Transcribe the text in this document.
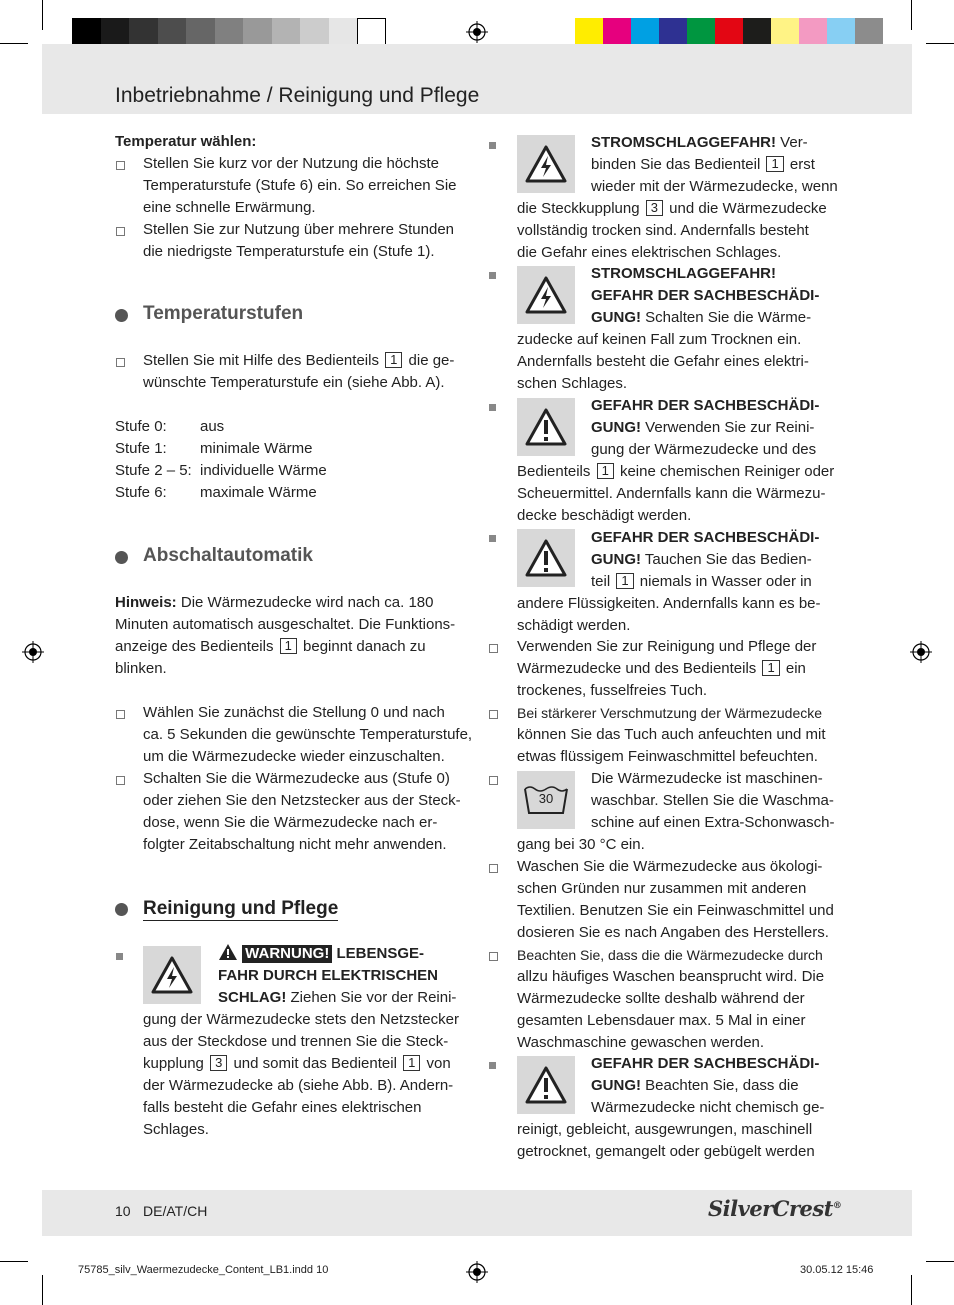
Inbetriebnahme / Reinigung und Pflege
Temperatur wählen:
Stellen Sie kurz vor der Nutzung die höchste
Temperaturstufe (Stufe 6) ein. So erreichen Sie
eine schnelle Erwärmung.
Stellen Sie zur Nutzung über mehrere Stunden
die niedrigste Temperaturstufe ein (Stufe 1).
Temperaturstufen
Stellen Sie mit Hilfe des Bedienteils 1 die ge-
wünschte Temperaturstufe ein (siehe Abb. A).
Stufe 0: aus
Stufe 1: minimale Wärme
Stufe 2 – 5: individuelle Wärme
Stufe 6: maximale Wärme
Abschaltautomatik
Hinweis: Die Wärmezudecke wird nach ca. 180
Minuten automatisch ausgeschaltet. Die Funktions-
anzeige des Bedienteils 1 beginnt danach zu
blinken.
Wählen Sie zunächst die Stellung 0 und nach
ca. 5 Sekunden die gewünschte Temperaturstufe,
um die Wärmezudecke wieder einzuschalten.
Schalten Sie die Wärmezudecke aus (Stufe 0)
oder ziehen Sie den Netzstecker aus der Steck-
dose, wenn Sie die Wärmezudecke nach er-
folgter Zeitabschaltung nicht mehr anwenden.
Reinigung und Pflege
WARNUNG! LEBENSGE-
FAHR DURCH ELEKTRISCHEN
SCHLAG! Ziehen Sie vor der Reini-
gung der Wärmezudecke stets den Netzstecker
aus der Steckdose und trennen Sie die Steck-
kupplung 3 und somit das Bedienteil 1 von
der Wärmezudecke ab (siehe Abb. B). Andern-
falls besteht die Gefahr eines elektrischen
Schlages.
STROMSCHLAGGEFAHR! Ver-
binden Sie das Bedienteil 1 erst
wieder mit der Wärmezudecke, wenn
die Steckkupplung 3 und die Wärmezudecke
vollständig trocken sind. Andernfalls besteht
die Gefahr eines elektrischen Schlages.
STROMSCHLAGGEFAHR!
GEFAHR DER SACHBESCHÄDI-
GUNG! Schalten Sie die Wärme-
zudecke auf keinen Fall zum Trocknen ein.
Andernfalls besteht die Gefahr eines elektri-
schen Schlages.
GEFAHR DER SACHBESCHÄDI-
GUNG! Verwenden Sie zur Reini-
gung der Wärmezudecke und des
Bedienteils 1 keine chemischen Reiniger oder
Scheuermittel. Andernfalls kann die Wärmezu-
decke beschädigt werden.
GEFAHR DER SACHBESCHÄDI-
GUNG! Tauchen Sie das Bedien-
teil 1 niemals in Wasser oder in
andere Flüssigkeiten. Andernfalls kann es be-
schädigt werden.
Verwenden Sie zur Reinigung und Pflege der
Wärmezudecke und des Bedienteils 1 ein
trockenes, fusselfreies Tuch.
Bei stärkerer Verschmutzung der Wärmezudecke
können Sie das Tuch auch anfeuchten und mit
etwas flüssigem Feinwaschmittel befeuchten.
30
Die Wärmezudecke ist maschinen-
waschbar. Stellen Sie die Waschma-
schine auf einen Extra-Schonwasch-
gang bei 30 °C ein.
Waschen Sie die Wärmezudecke aus ökologi-
schen Gründen nur zusammen mit anderen
Textilien. Benutzen Sie ein Feinwaschmittel und
dosieren Sie es nach Angaben des Herstellers.
Beachten Sie, dass die die Wärmezudecke durch
allzu häufiges Waschen beansprucht wird. Die
Wärmezudecke sollte deshalb während der
gesamten Lebensdauer max. 5 Mal in einer
Waschmaschine gewaschen werden.
GEFAHR DER SACHBESCHÄDI-
GUNG! Beachten Sie, dass die
Wärmezudecke nicht chemisch ge-
reinigt, gebleicht, ausgewrungen, maschinell
getrocknet, gemangelt oder gebügelt werden
10 DE/AT/CH	SilverCrest®
75785_silv_Waermezudecke_Content_LB1.indd 10	30.05.12 15:46
